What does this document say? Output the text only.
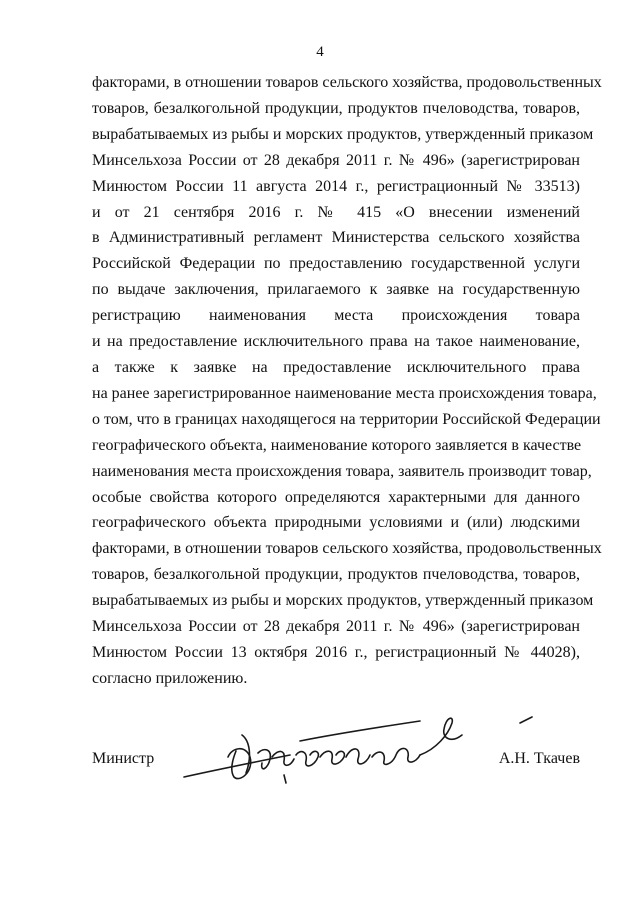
4
факторами, в отношении товаров сельского хозяйства, продовольственных
товаров, безалкогольной продукции, продуктов пчеловодства, товаров,
вырабатываемых из рыбы и морских продуктов, утвержденный приказом
Минсельхоза России от 28 декабря 2011 г. № 496» (зарегистрирован
Минюстом России 11 августа 2014 г., регистрационный № 33513)
и от 21 сентября 2016 г. № 415 «О внесении изменений
в Административный регламент Министерства сельского хозяйства
Российской Федерации по предоставлению государственной услуги
по выдаче заключения, прилагаемого к заявке на государственную
регистрацию наименования места происхождения товара
и на предоставление исключительного права на такое наименование,
а также к заявке на предоставление исключительного права
на ранее зарегистрированное наименование места происхождения товара,
о том, что в границах находящегося на территории Российской Федерации
географического объекта, наименование которого заявляется в качестве
наименования места происхождения товара, заявитель производит товар,
особые свойства которого определяются характерными для данного
географического объекта природными условиями и (или) людскими
факторами, в отношении товаров сельского хозяйства, продовольственных
товаров, безалкогольной продукции, продуктов пчеловодства, товаров,
вырабатываемых из рыбы и морских продуктов, утвержденный приказом
Минсельхоза России от 28 декабря 2011 г. № 496» (зарегистрирован
Минюстом России 13 октября 2016 г., регистрационный № 44028),
согласно приложению.
Министр	А.Н. Ткачев
